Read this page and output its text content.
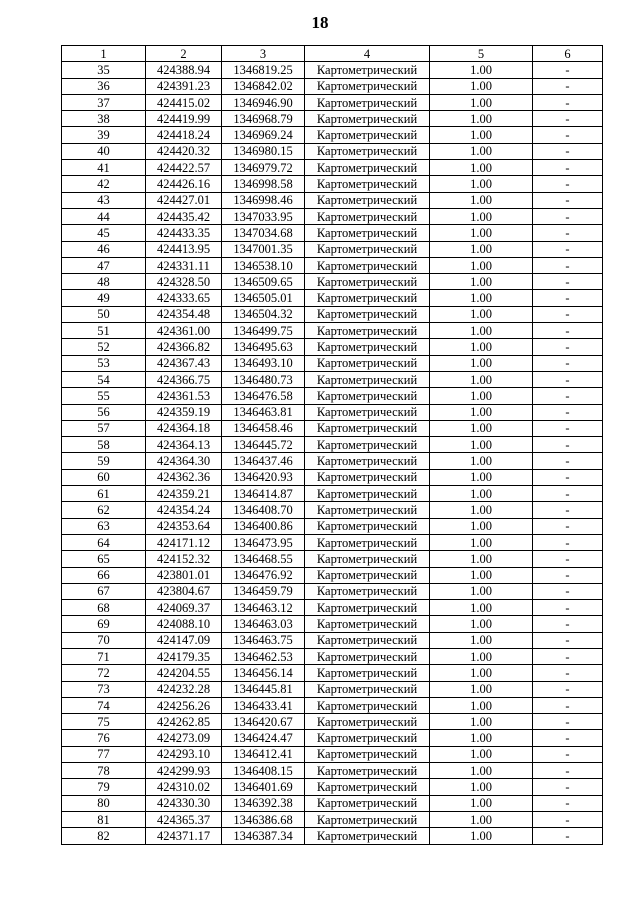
18
1	2	3	4	5	6
35	424388.94	1346819.25	Картометрический	1.00	-
36	424391.23	1346842.02	Картометрический	1.00	-
37	424415.02	1346946.90	Картометрический	1.00	-
38	424419.99	1346968.79	Картометрический	1.00	-
39	424418.24	1346969.24	Картометрический	1.00	-
40	424420.32	1346980.15	Картометрический	1.00	-
41	424422.57	1346979.72	Картометрический	1.00	-
42	424426.16	1346998.58	Картометрический	1.00	-
43	424427.01	1346998.46	Картометрический	1.00	-
44	424435.42	1347033.95	Картометрический	1.00	-
45	424433.35	1347034.68	Картометрический	1.00	-
46	424413.95	1347001.35	Картометрический	1.00	-
47	424331.11	1346538.10	Картометрический	1.00	-
48	424328.50	1346509.65	Картометрический	1.00	-
49	424333.65	1346505.01	Картометрический	1.00	-
50	424354.48	1346504.32	Картометрический	1.00	-
51	424361.00	1346499.75	Картометрический	1.00	-
52	424366.82	1346495.63	Картометрический	1.00	-
53	424367.43	1346493.10	Картометрический	1.00	-
54	424366.75	1346480.73	Картометрический	1.00	-
55	424361.53	1346476.58	Картометрический	1.00	-
56	424359.19	1346463.81	Картометрический	1.00	-
57	424364.18	1346458.46	Картометрический	1.00	-
58	424364.13	1346445.72	Картометрический	1.00	-
59	424364.30	1346437.46	Картометрический	1.00	-
60	424362.36	1346420.93	Картометрический	1.00	-
61	424359.21	1346414.87	Картометрический	1.00	-
62	424354.24	1346408.70	Картометрический	1.00	-
63	424353.64	1346400.86	Картометрический	1.00	-
64	424171.12	1346473.95	Картометрический	1.00	-
65	424152.32	1346468.55	Картометрический	1.00	-
66	423801.01	1346476.92	Картометрический	1.00	-
67	423804.67	1346459.79	Картометрический	1.00	-
68	424069.37	1346463.12	Картометрический	1.00	-
69	424088.10	1346463.03	Картометрический	1.00	-
70	424147.09	1346463.75	Картометрический	1.00	-
71	424179.35	1346462.53	Картометрический	1.00	-
72	424204.55	1346456.14	Картометрический	1.00	-
73	424232.28	1346445.81	Картометрический	1.00	-
74	424256.26	1346433.41	Картометрический	1.00	-
75	424262.85	1346420.67	Картометрический	1.00	-
76	424273.09	1346424.47	Картометрический	1.00	-
77	424293.10	1346412.41	Картометрический	1.00	-
78	424299.93	1346408.15	Картометрический	1.00	-
79	424310.02	1346401.69	Картометрический	1.00	-
80	424330.30	1346392.38	Картометрический	1.00	-
81	424365.37	1346386.68	Картометрический	1.00	-
82	424371.17	1346387.34	Картометрический	1.00	-
